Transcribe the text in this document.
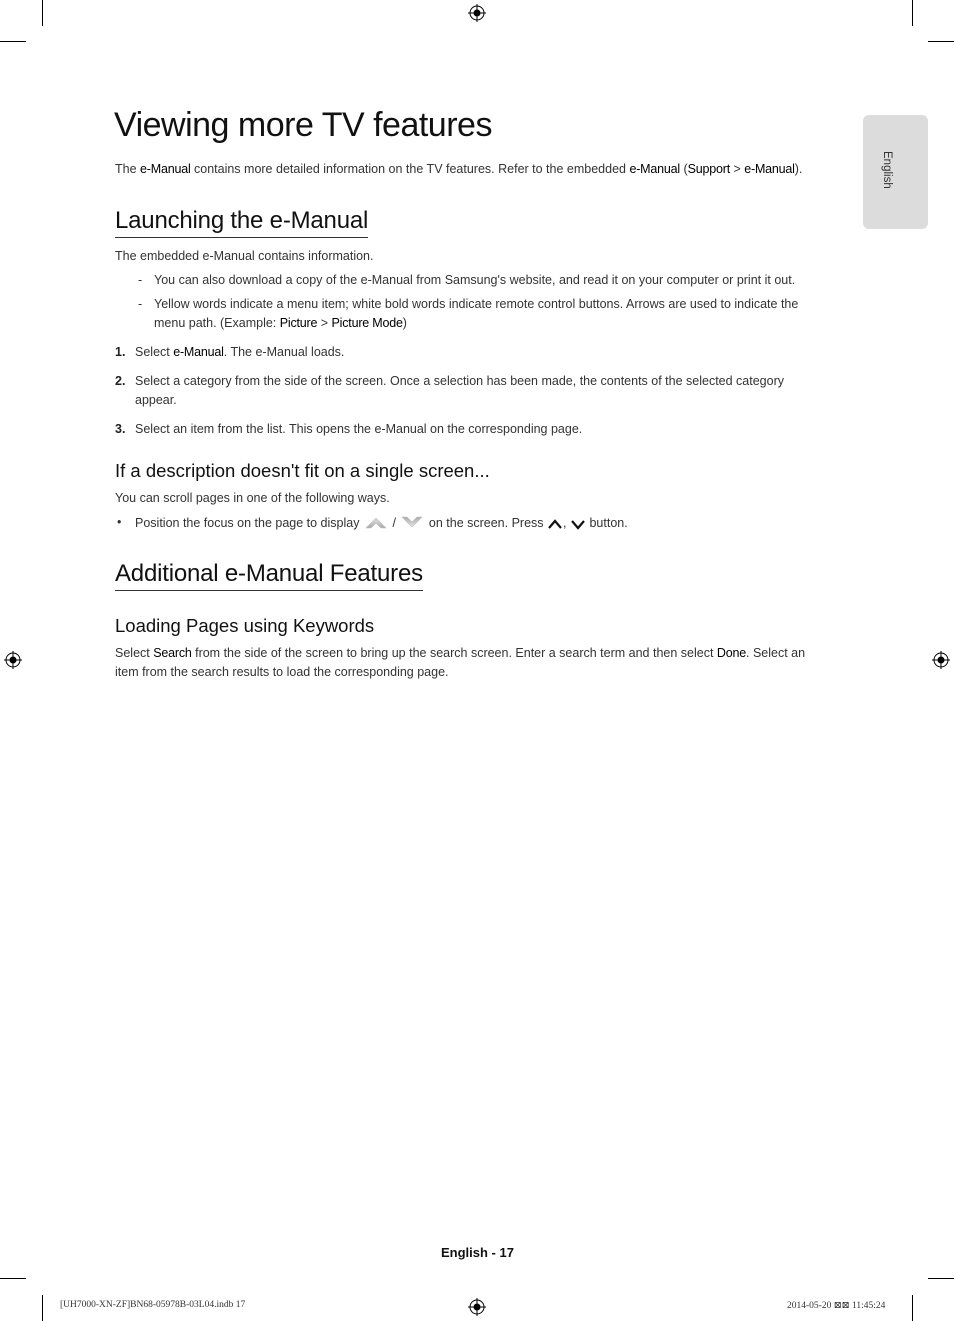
English
Viewing more TV features
The e-Manual contains more detailed information on the TV features. Refer to the embedded e-Manual (Support > e-Manual).
Launching the e-Manual
The embedded e-Manual contains information.
- You can also download a copy of the e-Manual from Samsung's website, and read it on your computer or print it out.
- Yellow words indicate a menu item; white bold words indicate remote control buttons. Arrows are used to indicate the
menu path. (Example: Picture > Picture Mode)
1. Select e-Manual. The e-Manual loads.
2. Select a category from the side of the screen. Once a selection has been made, the contents of the selected category
appear.
3. Select an item from the list. This opens the e-Manual on the corresponding page.
If a description doesn't fit on a single screen...
You can scroll pages in one of the following ways.
• Position the focus on the page to display	/	on the screen. Press , button.
Additional e-Manual Features
Loading Pages using Keywords
Select Search from the side of the screen to bring up the search screen. Enter a search term and then select Done. Select an
item from the search results to load the corresponding page.
English - 17
[UH7000-XN-ZF]BN68-05978B-03L04.indb 17	2014-05-20 ⊠⊠ 11:45:24
